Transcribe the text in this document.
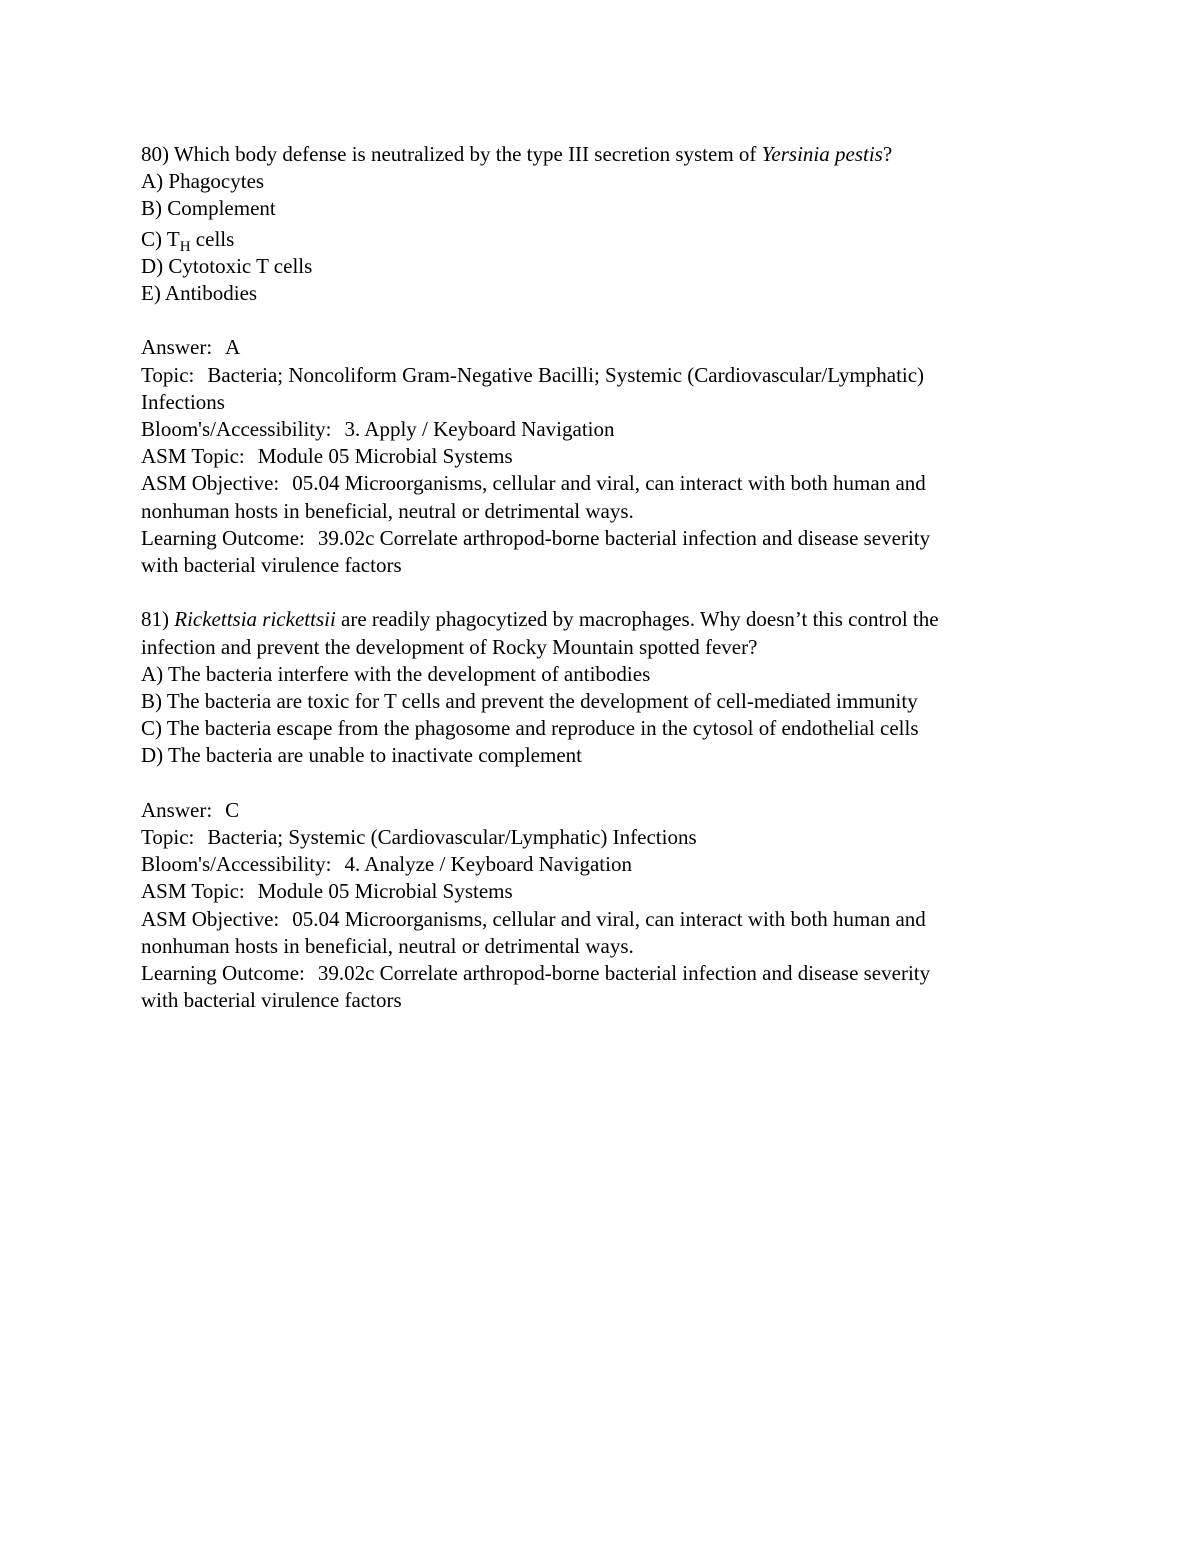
80) Which body defense is neutralized by the type III secretion system of Yersinia pestis?
A) Phagocytes
B) Complement
C) $T_H$ cells
D) Cytotoxic T cells
E) Antibodies
Answer: A
Topic: Bacteria; Noncoliform Gram-Negative Bacilli; Systemic (Cardiovascular/Lymphatic)
Infections
Bloom's/Accessibility: 3. Apply / Keyboard Navigation
ASM Topic: Module 05 Microbial Systems
ASM Objective: 05.04 Microorganisms, cellular and viral, can interact with both human and
nonhuman hosts in beneficial, neutral or detrimental ways.
Learning Outcome: 39.02c Correlate arthropod-borne bacterial infection and disease severity
with bacterial virulence factors
81) Rickettsia rickettsii are readily phagocytized by macrophages. Why doesn’t this control the
infection and prevent the development of Rocky Mountain spotted fever?
A) The bacteria interfere with the development of antibodies
B) The bacteria are toxic for T cells and prevent the development of cell-mediated immunity
C) The bacteria escape from the phagosome and reproduce in the cytosol of endothelial cells
D) The bacteria are unable to inactivate complement
Answer: C
Topic: Bacteria; Systemic (Cardiovascular/Lymphatic) Infections
Bloom's/Accessibility: 4. Analyze / Keyboard Navigation
ASM Topic: Module 05 Microbial Systems
ASM Objective: 05.04 Microorganisms, cellular and viral, can interact with both human and
nonhuman hosts in beneficial, neutral or detrimental ways.
Learning Outcome: 39.02c Correlate arthropod-borne bacterial infection and disease severity
with bacterial virulence factors
